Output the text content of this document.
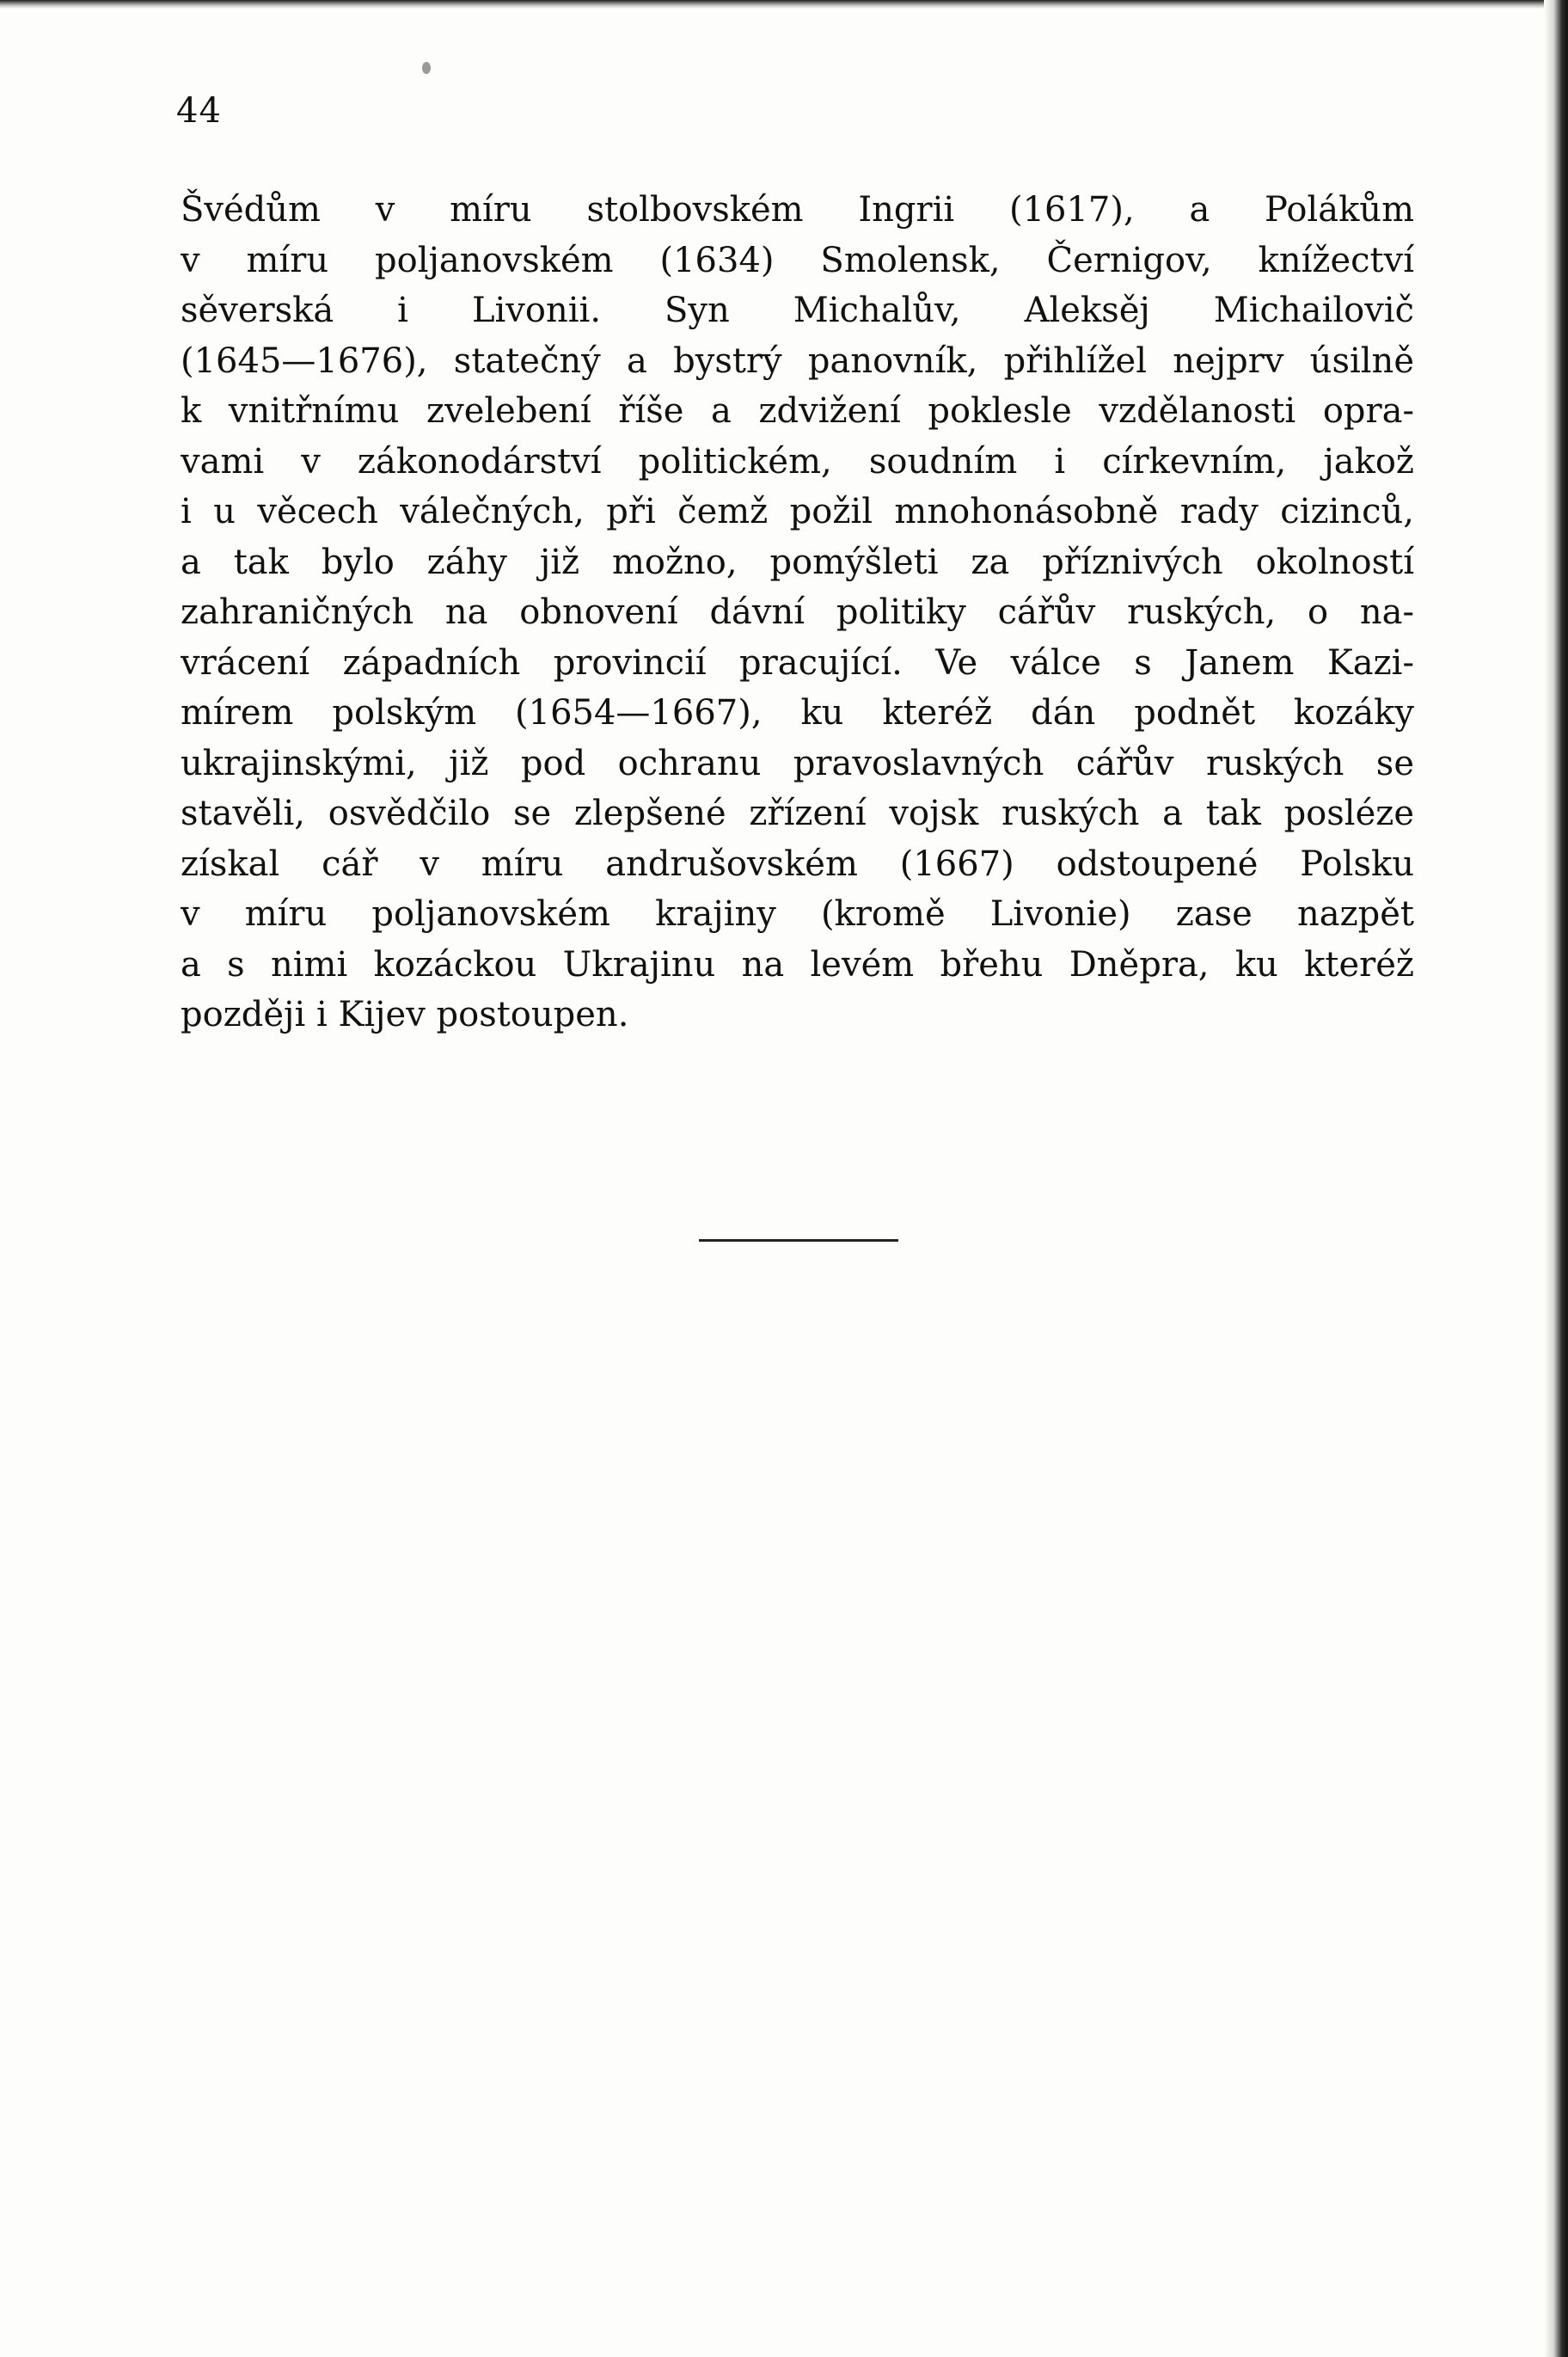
44
Švédům v míru stolbovském Ingrii (1617), a Polákům
v míru poljanovském (1634) Smolensk, Černigov, knížectví
sěverská i Livonii. Syn Michalův, Aleksěj Michailovič
(1645—1676), statečný a bystrý panovník, přihlížel nejprv úsilně
k vnitřnímu zvelebení říše a zdvižení poklesle vzdělanosti opra-
vami v zákonodárství politickém, soudním i církevním, jakož
i u věcech válečných, při čemž požil mnohonásobně rady cizinců,
a tak bylo záhy již možno, pomýšleti za příznivých okolností
zahraničných na obnovení dávní politiky cářův ruských, o na-
vrácení západních provincií pracující. Ve válce s Janem Kazi-
mírem polským (1654—1667), ku kteréž dán podnět kozáky
ukrajinskými, již pod ochranu pravoslavných cářův ruských se
stavěli, osvědčilo se zlepšené zřízení vojsk ruských a tak posléze
získal cář v míru andrušovském (1667) odstoupené Polsku
v míru poljanovském krajiny (kromě Livonie) zase nazpět
a s nimi kozáckou Ukrajinu na levém břehu Dněpra, ku kteréž
později i Kijev postoupen.
